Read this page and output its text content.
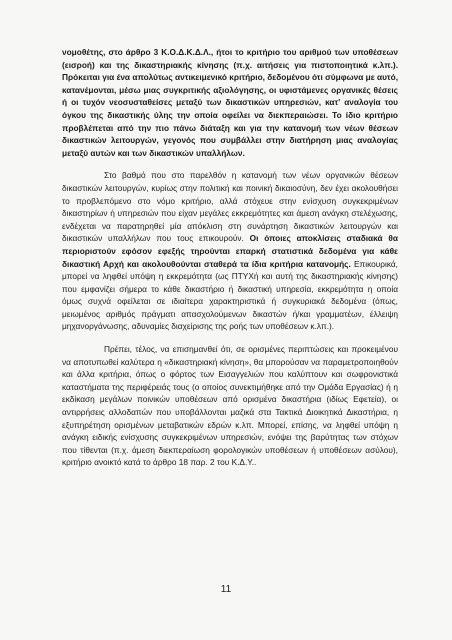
νομοθέτης, στο άρθρο 3 Κ.Ο.Δ.Κ.Δ.Λ., ήτοι το κριτήριο του αριθμού των υποθέσεων (εισροή) και της δικαστηριακής κίνησης (π.χ. αιτήσεις για πιστοποιητικά κ.λπ.). Πρόκειται για ένα απολύτως αντικειμενικό κριτήριο, δεδομένου ότι σύμφωνα με αυτό, κατανέμονται, μέσω μιας συγκριτικής αξιολόγησης, οι υφιστάμενες οργανικές θέσεις ή οι τυχόν νεοσυσταθείσες μεταξύ των δικαστικών υπηρεσιών, κατ' αναλογία του όγκου της δικαστικής ύλης την οποία οφείλει να διεκπεραιώσει. Το ίδιο κριτήριο προβλέπεται από την πιο πάνω διάταξη και για την κατανομή των νέων θέσεων δικαστικών λειτουργών, γεγονός που συμβάλλει στην διατήρηση μιας αναλογίας μεταξύ αυτών και των δικαστικών υπαλλήλων.

Στο βαθμό που στο παρελθόν η κατανομή των νέων οργανικών θέσεων δικαστικών λειτουργών, κυρίως στην πολιτική και ποινική δικαιοσύνη, δεν έχει ακολουθήσει το προβλεπόμενο στο νόμο κριτήριο, αλλά στόχευε στην ενίσχυση συγκεκριμένων δικαστηρίων ή υπηρεσιών που είχαν μεγάλες εκκρεμότητες και άμεση ανάγκη στελέχωσης, ενδέχεται να παρατηρηθεί μία απόκλιση στη συνάρτηση δικαστικών λειτουργών και δικαστικών υπαλλήλων που τους επικουρούν. Οι όποιες αποκλίσεις σταδιακά θα περιοριστούν εφόσον εφεξής τηρούνται επαρκή στατιστικά δεδομένα για κάθε δικαστική Αρχή και ακολουθούνται σταθερά τα ίδια κριτήρια κατανομής. Επικουρικά, μπορεί να ληφθεί υπόψη η εκκρεμότητα (ως ΠΤΥΧή και αυτή της δικαστηριακής κίνησης) που εμφανίζει σήμερα το κάθε δικαστήριο ή δικαστική υπηρεσία, εκκρεμότητα η οποία όμως συχνά οφείλεται σε ιδιαίτερα χαρακτηριστικά ή συγκυριακά δεδομένα (όπως, μειωμένος αριθμός πράγματι απασχολούμενων δικαστών ή/και γραμματέων, έλλειψη μηχανοργάνωσης, αδυναμίες διαχείρισης της ροής των υποθέσεων κ.λπ.).

Πρέπει, τέλος, να επισημανθεί ότι, σε ορισμένες περιπτώσεις και προκειμένου να αποτυπωθεί καλύτερα η «δικαστηριακή κίνηση», θα μπορούσαν να παραμετροποιηθούν και άλλα κριτήρια, όπως ο φόρτος των Εισαγγελιών που καλύπτουν και σωφρονιστικά καταστήματα της περιφέρειάς τους (ο οποίος συνεκτιμήθηκε από την Ομάδα Εργασίας) ή η εκδίκαση μεγάλων ποινικών υποθέσεων από ορισμένα δικαστήρια (ιδίως Εφετεία), οι αντιρρήσεις αλλοδαπών που υποβάλλονται μαζικά στα Τακτικά Διοικητικά Δικαστήρια, η εξυπηρέτηση ορισμένων μεταβατικών εδρών κ.λπ. Μπορεί, επίσης, να ληφθεί υπόψη η ανάγκη ειδικής ενίσχυσης συγκεκριμένων υπηρεσιών, ενόψει της βαρύτητας των στόχων που τίθενται (π.χ. άμεση διεκπεραίωση φορολογικών υποθέσεων ή υποθέσεων ασύλου), κριτήριο ανοικτό κατά το άρθρο 18 παρ. 2 του Κ.Δ.Υ..

11
